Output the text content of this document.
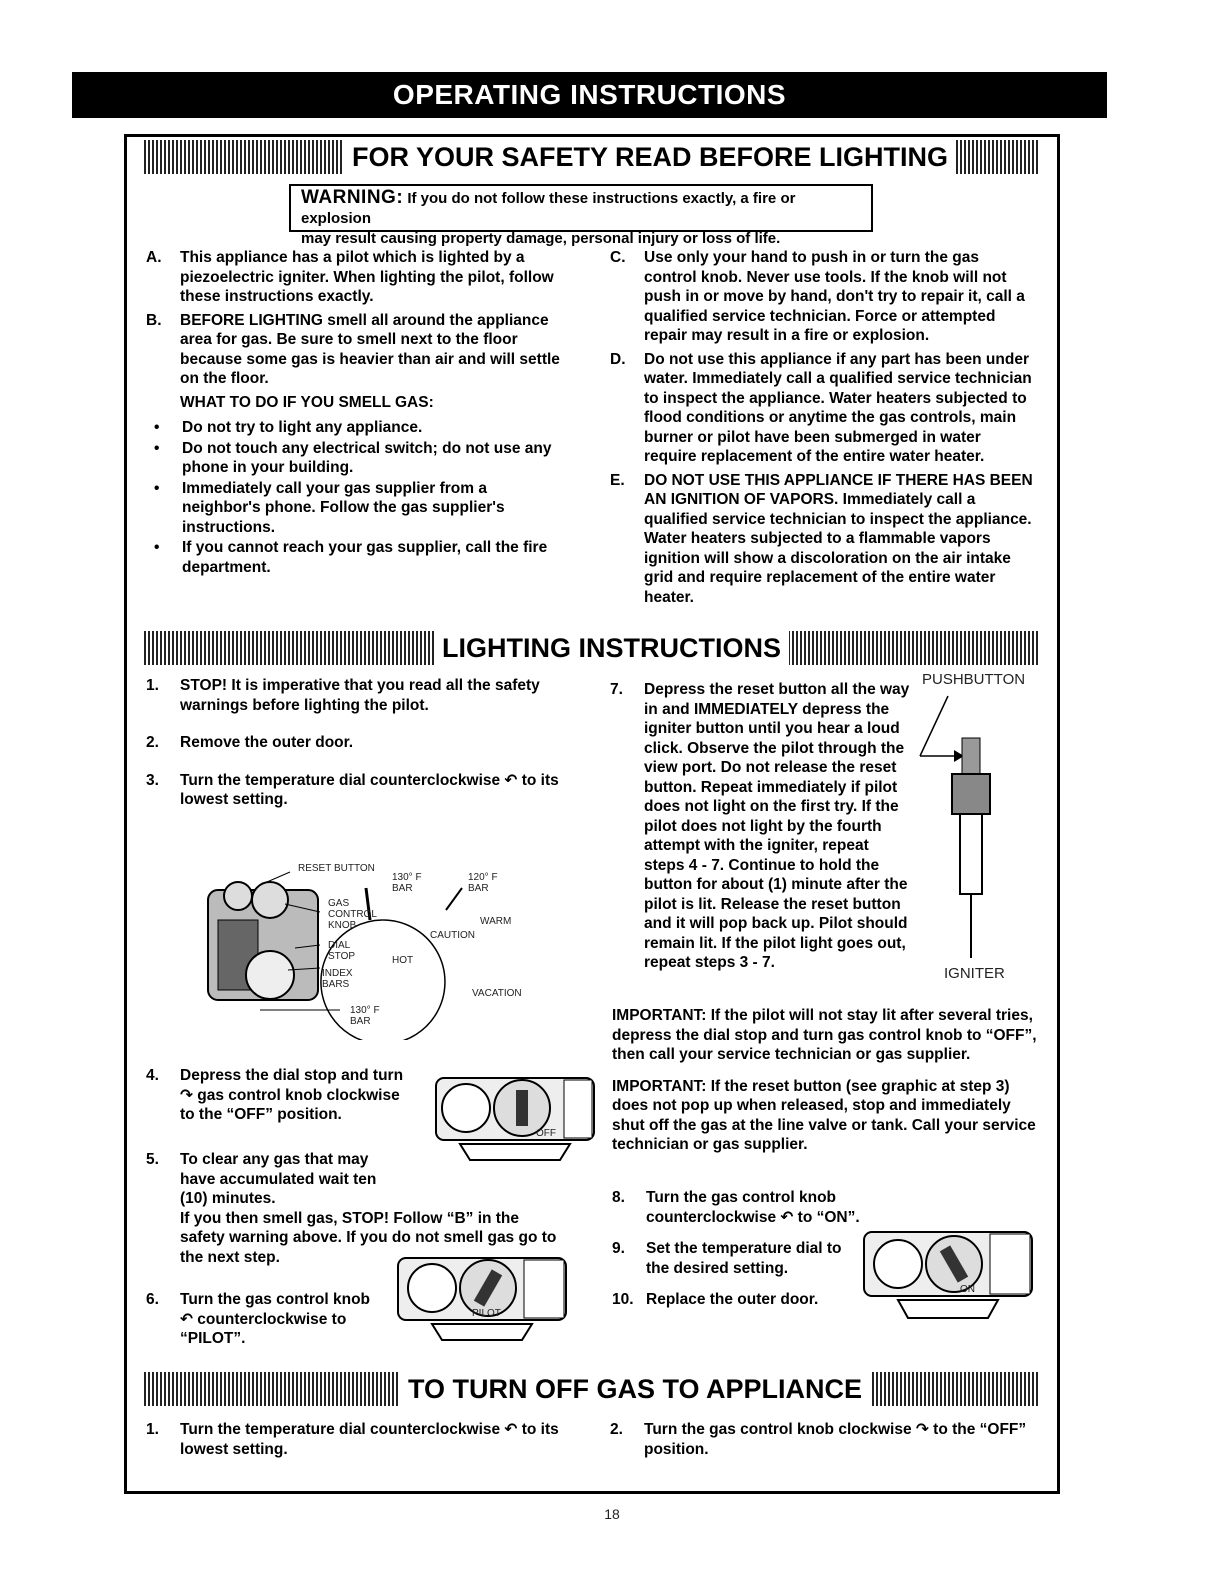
OPERATING INSTRUCTIONS
FOR YOUR SAFETY READ BEFORE LIGHTING
WARNING: If you do not follow these instructions exactly, a fire or explosion
may result causing property damage, personal injury or loss of life.
A. This appliance has a pilot which is lighted by a piezoelectric igniter. When lighting the pilot, follow these instructions exactly.
B. BEFORE LIGHTING smell all around the appliance area for gas. Be sure to smell next to the floor because some gas is heavier than air and will settle on the floor.
WHAT TO DO IF YOU SMELL GAS:
• Do not try to light any appliance.
• Do not touch any electrical switch; do not use any phone in your building.
• Immediately call your gas supplier from a neighbor's phone. Follow the gas supplier's instructions.
• If you cannot reach your gas supplier, call the fire department.
C. Use only your hand to push in or turn the gas control knob. Never use tools. If the knob will not push in or move by hand, don't try to repair it, call a qualified service technician. Force or attempted repair may result in a fire or explosion.
D. Do not use this appliance if any part has been under water. Immediately call a qualified service technician to inspect the appliance. Water heaters subjected to flood conditions or anytime the gas controls, main burner or pilot have been submerged in water require replacement of the entire water heater.
E. DO NOT USE THIS APPLIANCE IF THERE HAS BEEN AN IGNITION OF VAPORS. Immediately call a qualified service technician to inspect the appliance. Water heaters subjected to a flammable vapors ignition will show a discoloration on the air intake grid and require replacement of the entire water heater.
LIGHTING INSTRUCTIONS
1. STOP! It is imperative that you read all the safety warnings before lighting the pilot.
2. Remove the outer door.
3. Turn the temperature dial counterclockwise ↶ to its lowest setting.
RESET BUTTON
GAS CONTROL KNOB
DIAL STOP
INDEX BARS
130° F BAR
120° F BAR
130° F BAR
CAUTION
HOT
WARM
VACATION
4. Depress the dial stop and turn ↷ gas control knob clockwise to the “OFF” position.
OFF
5. To clear any gas that may have accumulated wait ten (10) minutes.
If you then smell gas, STOP! Follow “B” in the safety warning above. If you do not smell gas go to the next step.
6. Turn the gas control knob ↶ counterclockwise to “PILOT”.
PILOT
7. Depress the reset button all the way in and IMMEDIATELY depress the igniter button until you hear a loud click. Observe the pilot through the view port. Do not release the reset button. Repeat immediately if pilot does not light on the first try. If the pilot does not light by the fourth attempt with the igniter, repeat steps 4 - 7. Continue to hold the button for about (1) minute after the pilot is lit. Release the reset button and it will pop back up. Pilot should remain lit. If the pilot light goes out, repeat steps 3 - 7.
PUSHBUTTON
IGNITER
IMPORTANT: If the pilot will not stay lit after several tries, depress the dial stop and turn gas control knob to “OFF”, then call your service technician or gas supplier.
IMPORTANT: If the reset button (see graphic at step 3) does not pop up when released, stop and immediately shut off the gas at the line valve or tank. Call your service technician or gas supplier.
8. Turn the gas control knob counterclockwise ↶ to “ON”.
9. Set the temperature dial to the desired setting.
10. Replace the outer door.
ON
TO TURN OFF GAS TO APPLIANCE
1. Turn the temperature dial counterclockwise ↶ to its lowest setting.
2. Turn the gas control knob clockwise ↷ to the “OFF” position.
18
